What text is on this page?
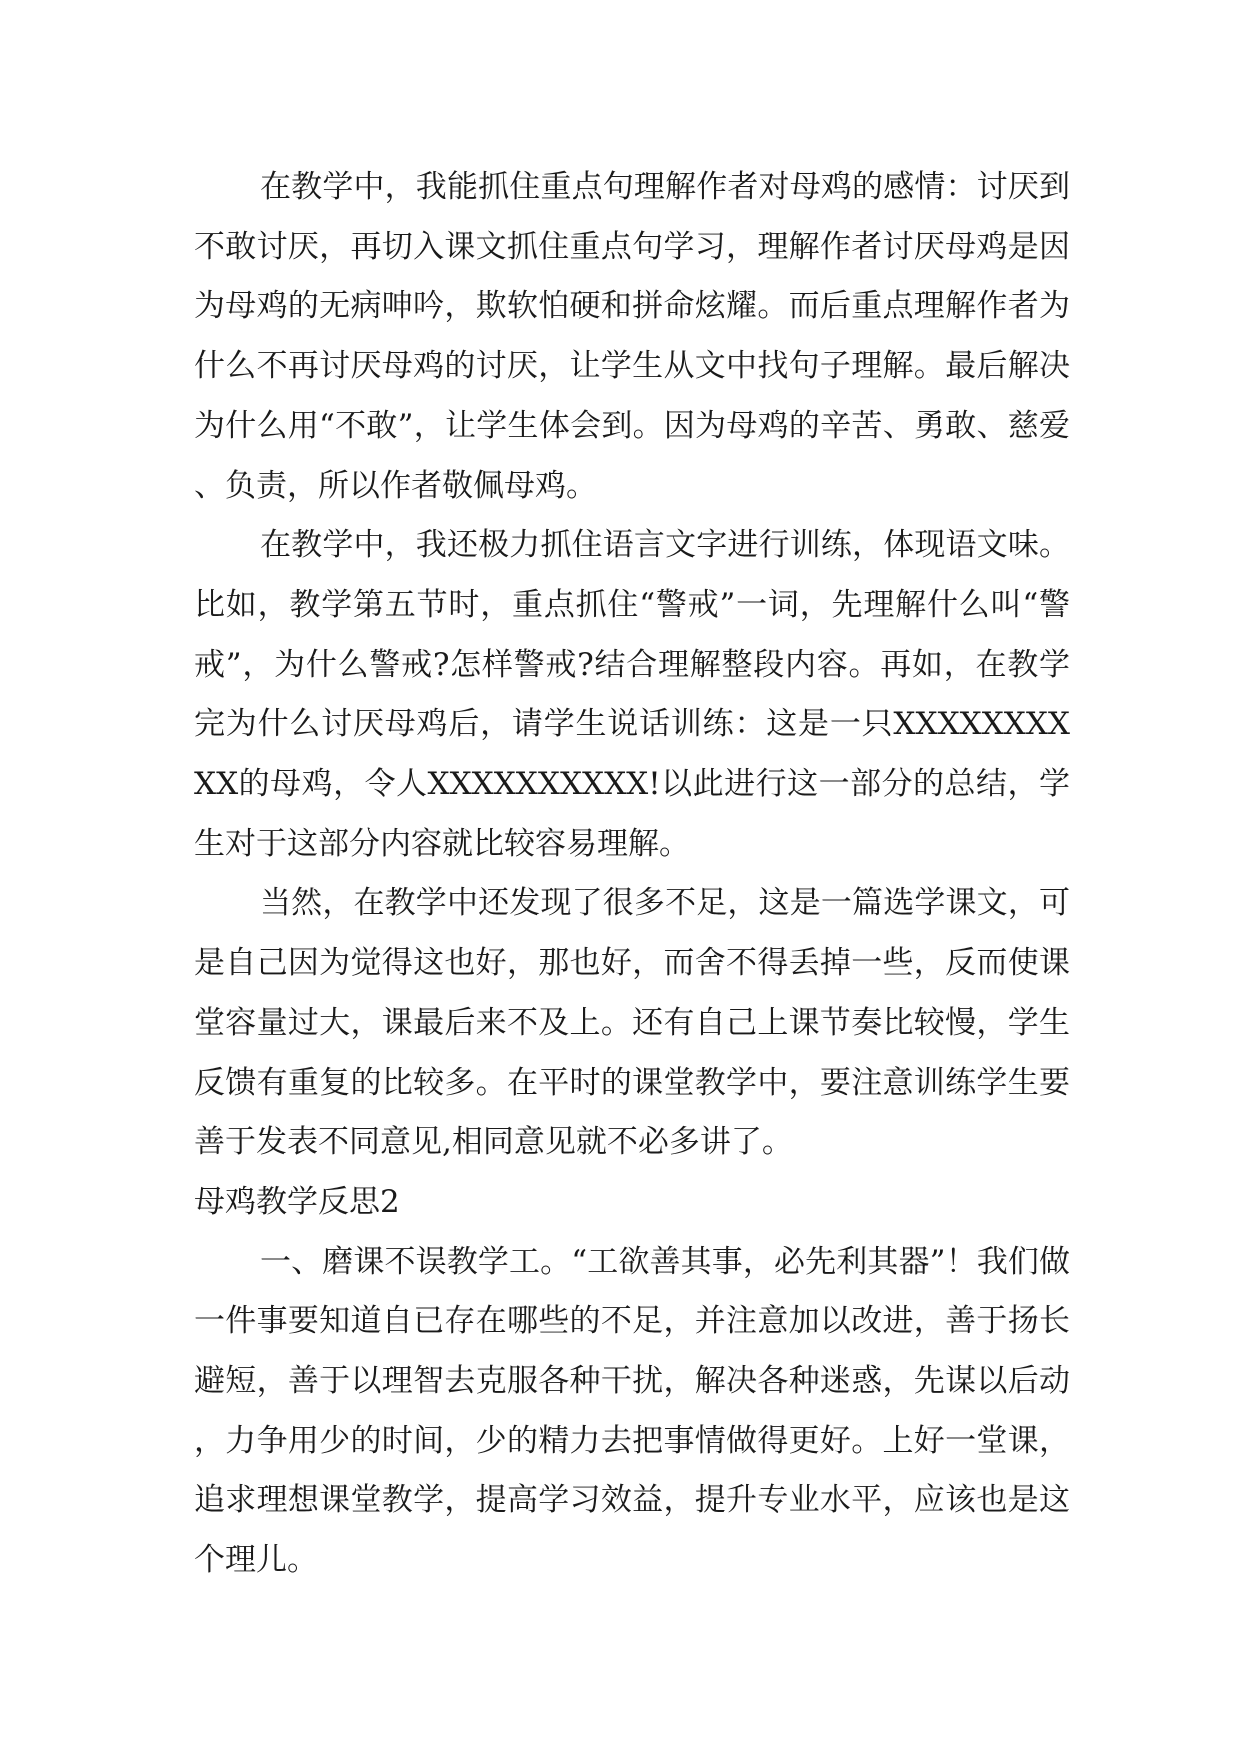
在教学中，我能抓住重点句理解作者对母鸡的感情：讨厌到不敢讨厌，再切入课文抓住重点句学习，理解作者讨厌母鸡是因为母鸡的无病呻吟，欺软怕硬和拼命炫耀。而后重点理解作者为什么不再讨厌母鸡的讨厌，让学生从文中找句子理解。最后解决为什么用“不敢”，让学生体会到。因为母鸡的辛苦、勇敢、慈爱、负责，所以作者敬佩母鸡。

在教学中，我还极力抓住语言文字进行训练，体现语文味。比如，教学第五节时，重点抓住“警戒”一词，先理解什么叫“警戒”，为什么警戒?怎样警戒?结合理解整段内容。再如，在教学完为什么讨厌母鸡后，请学生说话训练：这是一只XXXXXXXXXX的母鸡，令人XXXXXXXXXX!以此进行这一部分的总结，学生对于这部分内容就比较容易理解。

当然，在教学中还发现了很多不足，这是一篇选学课文，可是自己因为觉得这也好，那也好，而舍不得丢掉一些，反而使课堂容量过大，课最后来不及上。还有自己上课节奏比较慢，学生反馈有重复的比较多。在平时的课堂教学中，要注意训练学生要善于发表不同意见,相同意见就不必多讲了。

母鸡教学反思2

一、磨课不误教学工。“工欲善其事，必先利其器”！我们做一件事要知道自已存在哪些的不足，并注意加以改进，善于扬长避短，善于以理智去克服各种干扰，解决各种迷惑，先谋以后动，力争用少的时间，少的精力去把事情做得更好。上好一堂课，追求理想课堂教学，提高学习效益，提升专业水平，应该也是这个理儿。
